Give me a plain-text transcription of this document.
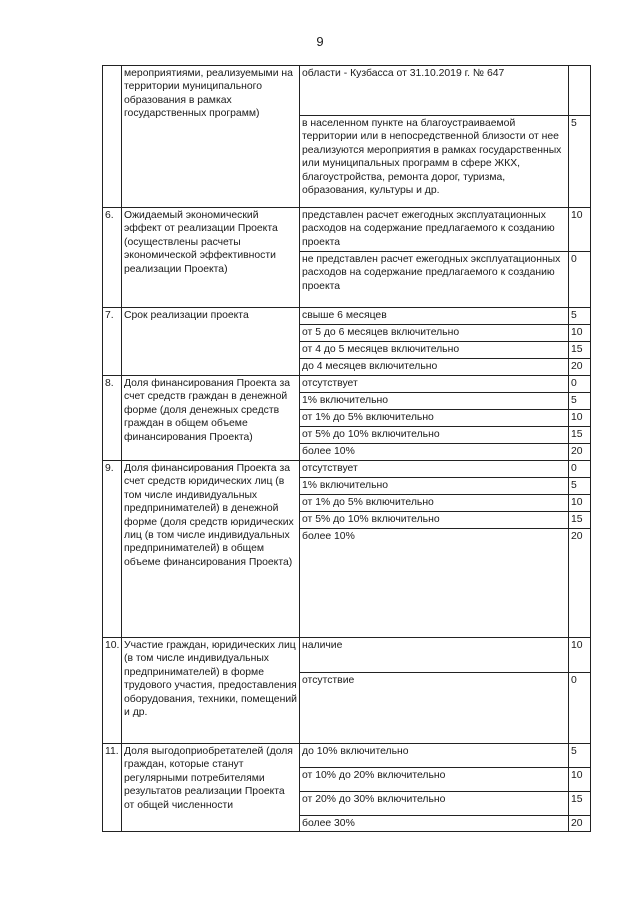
9
	мероприятиями, реализуемыми на территории муниципального образования в рамках государственных программ)	области - Кузбасса от 31.10.2019 г. № 647	
		в населенном пункте на благоустраиваемой территории или в непосредственной близости от нее реализуются мероприятия в рамках государственных или муниципальных программ в сфере ЖКХ, благоустройства, ремонта дорог, туризма, образования, культуры и др.	5
6.	Ожидаемый экономический эффект от реализации Проекта (осуществлены расчеты экономической эффективности реализации Проекта)	представлен расчет ежегодных эксплуатационных расходов на содержание предлагаемого к созданию проекта	10
		не представлен расчет ежегодных эксплуатационных расходов на содержание предлагаемого к созданию проекта	0
7.	Срок реализации проекта	свыше 6 месяцев	5
		от 5 до 6 месяцев включительно	10
		от 4 до 5 месяцев включительно	15
		до 4 месяцев включительно	20
8.	Доля финансирования Проекта за счет средств граждан в денежной форме (доля денежных средств граждан в общем объеме финансирования Проекта)	отсутствует	0
		1% включительно	5
		от 1% до 5% включительно	10
		от 5% до 10% включительно	15
		более 10%	20
9.	Доля финансирования Проекта за счет средств юридических лиц (в том числе индивидуальных предпринимателей) в денежной форме (доля средств юридических лиц (в том числе индивидуальных предпринимателей) в общем объеме финансирования Проекта)	отсутствует	0
		1% включительно	5
		от 1% до 5% включительно	10
		от 5% до 10% включительно	15
		более 10%	20
10.	Участие граждан, юридических лиц (в том числе индивидуальных предпринимателей) в форме трудового участия, предоставления оборудования, техники, помещений и др.	наличие	10
		отсутствие	0
11.	Доля выгодоприобретателей (доля граждан, которые станут регулярными потребителями результатов реализации Проекта от общей численности	до 10% включительно	5
		от 10% до 20% включительно	10
		от 20% до 30% включительно	15
		более 30%	20
